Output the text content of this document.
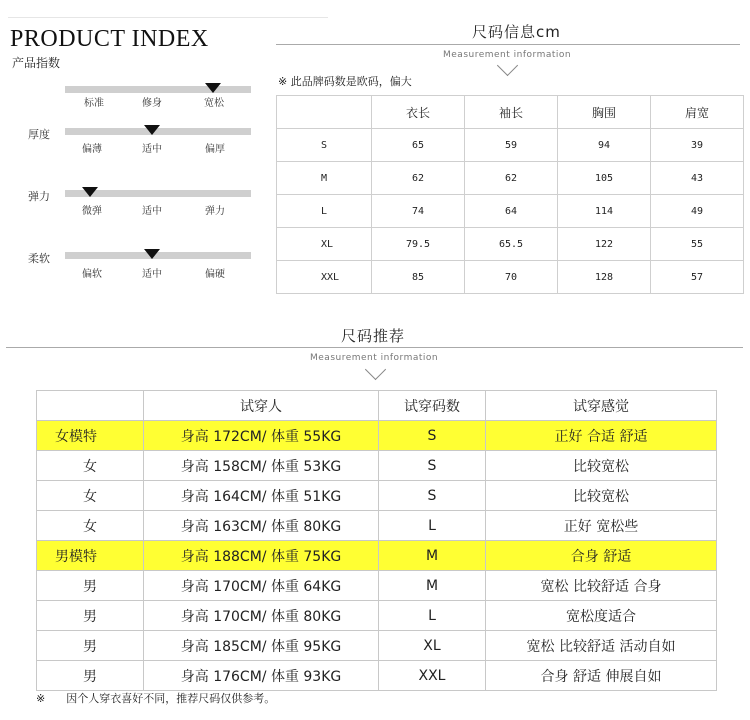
PRODUCT INDEX
产品指数
标准	修身	宽松
厚度
偏薄	适中	偏厚
弹力
微弹	适中	弹力
柔软
偏软	适中	偏硬
尺码信息cm
Measurement information
※ 此品牌码数是欧码，偏大
	衣长	袖长	胸围	肩宽
S	65	59	94	39
M	62	62	105	43
L	74	64	114	49
XL	79.5	65.5	122	55
XXL	85	70	128	57
尺码推荐
Measurement information
	试穿人	试穿码数	试穿感觉
女模特	身高 172CM/ 体重 55KG	S	正好 合适 舒适
女	身高 158CM/ 体重 53KG	S	比较宽松
女	身高 164CM/ 体重 51KG	S	比较宽松
女	身高 163CM/ 体重 80KG	L	正好 宽松些
男模特	身高 188CM/ 体重 75KG	M	合身 舒适
男	身高 170CM/ 体重 64KG	M	宽松 比较舒适 合身
男	身高 170CM/ 体重 80KG	L	宽松度适合
男	身高 185CM/ 体重 95KG	XL	宽松 比较舒适 活动自如
男	身高 176CM/ 体重 93KG	XXL	合身 舒适 伸展自如
※      因个人穿衣喜好不同，推荐尺码仅供参考。
